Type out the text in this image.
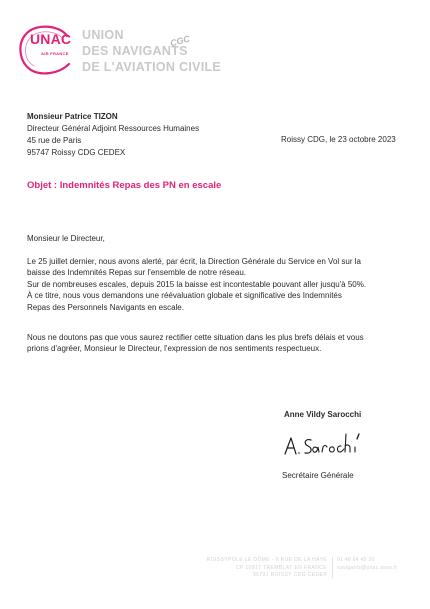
UNAC
AIR FRANCE
UNION
DES NAVIGANTS
DE L'AVIATION CIVILE
CGC
Monsieur Patrice TIZON
Directeur Général Adjoint Ressources Humaines
45 rue de Paris
95747 Roissy CDG CEDEX
Roissy CDG, le 23 octobre 2023
Objet : Indemnités Repas des PN en escale
Monsieur le Directeur,
Le 25 juillet dernier, nous avons alerté, par écrit, la Direction Générale du Service en Vol sur la
baisse des Indemnités Repas sur l'ensemble de notre réseau.
Sur de nombreuses escales, depuis 2015 la baisse est incontestable pouvant aller jusqu'à 50%.
À ce titre, nous vous demandons une réévaluation globale et significative des Indemnités
Repas des Personnels Navigants en escale.
Nous ne doutons pas que vous saurez rectifier cette situation dans les plus brefs délais et vous
prions d'agréer, Monsieur le Directeur, l'expression de nos sentiments respectueux.
Anne Vildy Sarocchi
Secrétaire Générale
ROISSYPOLE LE DÔME - 6 RUE DE LA HAYE
CP 10917 TREMBLAY EN FRANCE
95731 ROISSY CDG CEDEX
01 48 64 49 20
navigants@unac.asso.fr
